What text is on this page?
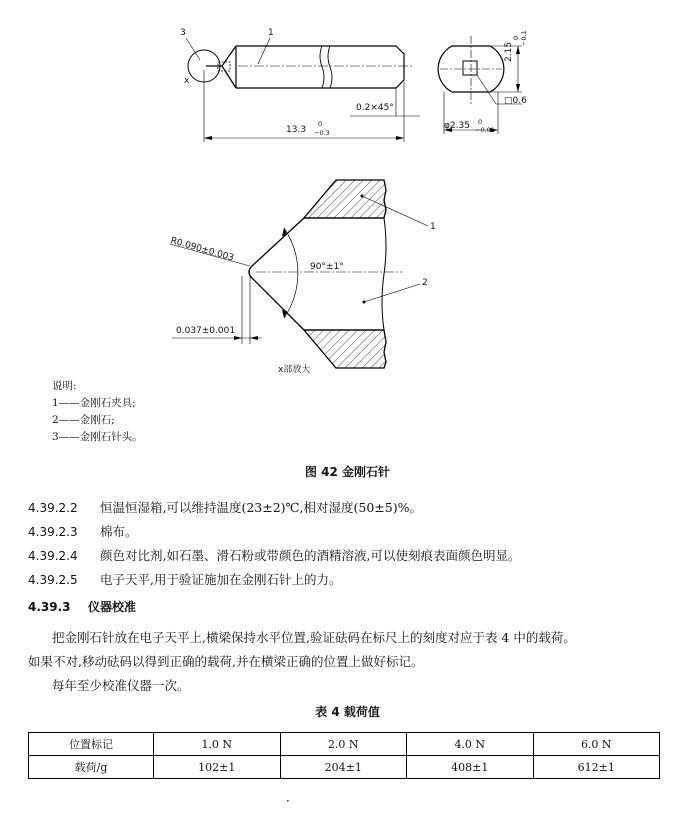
1
3
x
0.2×45°
13.3
0
−0.3
2.15
0 −0.1
□0.6
φ2.35 0
−0.01
R0.090±0.003
90°±1°
0.037±0.001
1
2
x部放大
说明:
1——金刚石夹具;
2——金刚石;
3——金刚石针头。
图 42 金刚石针
4.39.2.2 恒温恒湿箱,可以维持温度(23±2)℃,相对湿度(50±5)%。
4.39.2.3 棉布。
4.39.2.4 颜色对比剂,如石墨、滑石粉或带颜色的酒精溶液,可以使刻痕表面颜色明显。
4.39.2.5 电子天平,用于验证施加在金刚石针上的力。
4.39.3 仪器校准
把金刚石针放在电子天平上,横梁保持水平位置,验证砝码在标尺上的刻度对应于表 4 中的载荷。
如果不对,移动砝码以得到正确的载荷,并在横梁正确的位置上做好标记。
每年至少校准仪器一次。
表 4 载荷值
位置标记	1.0 N	2.0 N	4.0 N	6.0 N
载荷/g	102±1	204±1	408±1	612±1
·
